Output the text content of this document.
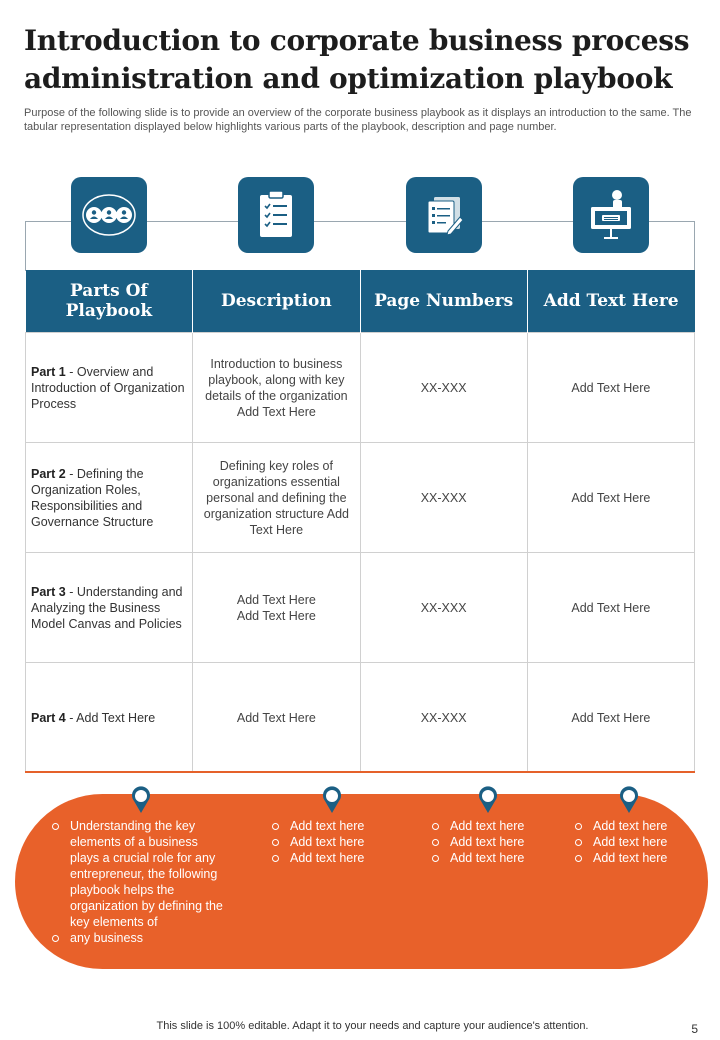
Introduction to corporate business process administration and optimization playbook
Purpose of the following slide is to provide an overview of the corporate business playbook as it displays an introduction to the same. The tabular representation displayed below highlights various parts of the playbook, description and page number.
Parts Of Playbook	Description	Page Numbers	Add Text Here
Part 1 - Overview and Introduction of Organization Process	Introduction to business playbook, along with key details of the organization Add Text Here	XX-XXX	Add Text Here
Part 2 - Defining the Organization Roles, Responsibilities and Governance Structure	Defining key roles of organizations essential personal and defining the organization structure Add Text Here	XX-XXX	Add Text Here
Part 3 - Understanding and Analyzing the Business Model Canvas and Policies	Add Text Here Add Text Here	XX-XXX	Add Text Here
Part 4 - Add Text Here	Add Text Here	XX-XXX	Add Text Here
Understanding the key elements of a business plays a crucial role for any entrepreneur, the following playbook helps the organization by defining the key elements of
any business
Add text here
Add text here
Add text here
Add text here
Add text here
Add text here
Add text here
Add text here
Add text here
This slide is 100% editable. Adapt it to your needs and capture your audience's attention.	5
